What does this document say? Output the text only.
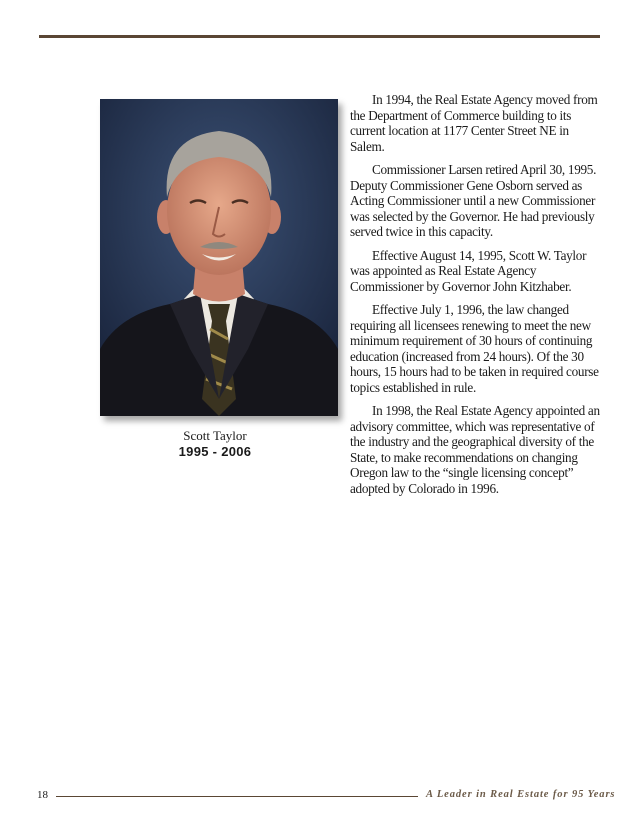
Scott Taylor
1995 - 2006

In 1994, the Real Estate Agency moved from the Department of Commerce building to its current location at 1177 Center Street NE in Salem.

Commissioner Larsen retired April 30, 1995. Deputy Commissioner Gene Osborn served as Acting Commissioner until a new Commissioner was selected by the Governor. He had previously served twice in this capacity.

Effective August 14, 1995, Scott W. Taylor was appointed as Real Estate Agency Commissioner by Governor John Kitzhaber.

Effective July 1, 1996, the law changed requiring all licensees renewing to meet the new minimum requirement of 30 hours of continuing education (increased from 24 hours). Of the 30 hours, 15 hours had to be taken in required course topics established in rule.

In 1998, the Real Estate Agency appointed an advisory committee, which was representative of the industry and the geographical diversity of the State, to make recommendations on changing Oregon law to the “single licensing concept” adopted by Colorado in 1996.

18	A Leader in Real Estate for 95 Years
